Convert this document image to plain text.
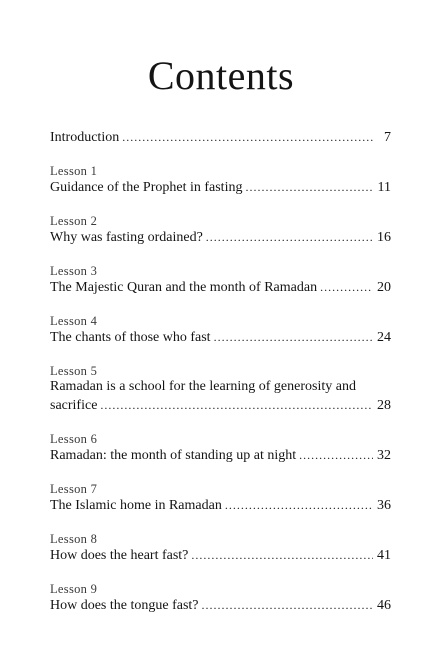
Contents
Introduction .....	7
Lesson 1
Guidance of the Prophet in fasting .....	11
Lesson 2
Why was fasting ordained? .....	16
Lesson 3
The Majestic Quran and the month of Ramadan .....	20
Lesson 4
The chants of those who fast .....	24
Lesson 5
Ramadan is a school for the learning of generosity and
sacrifice .....	28
Lesson 6
Ramadan: the month of standing up at night .....	32
Lesson 7
The Islamic home in Ramadan .....	36
Lesson 8
How does the heart fast? .....	41
Lesson 9
How does the tongue fast? .....	46
